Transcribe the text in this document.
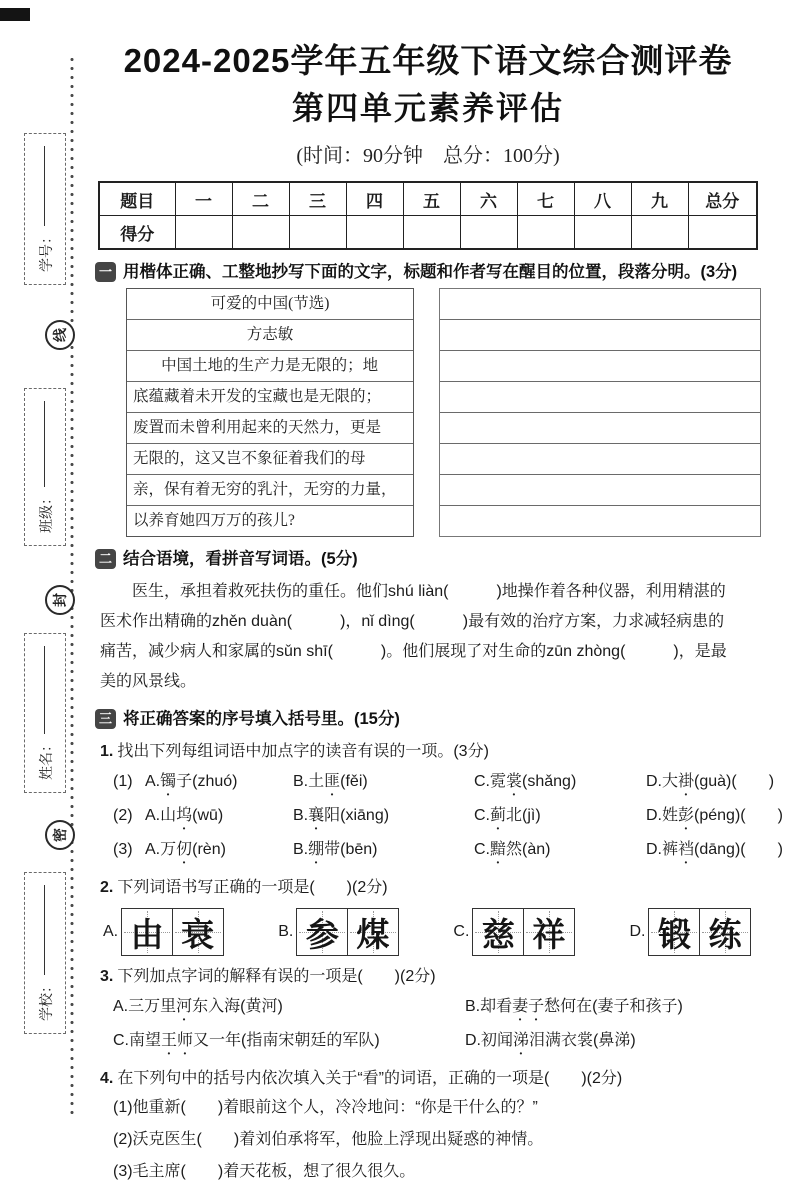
学号：
线
班级：
封
姓名：
密
学校：
2024-2025学年五年级下语文综合测评卷
第四单元素养评估
(时间：90分钟　总分：100分)
题目	一	二	三	四	五	六	七	八	九	总分
得分										
一 用楷体正确、工整地抄写下面的文字，标题和作者写在醒目的位置，段落分明。(3分)
可爱的中国(节选)
方志敏
中国土地的生产力是无限的；地
底蕴藏着未开发的宝藏也是无限的；
废置而未曾利用起来的天然力，更是
无限的，这又岂不象征着我们的母
亲，保有着无穷的乳汁，无穷的力量，
以养育她四万万的孩儿?
二 结合语境，看拼音写词语。(5分)
医生，承担着救死扶伤的重任。他们shú liàn(　　　)地操作着各种仪器，利用精湛的
医术作出精确的zhěn duàn(　　　)，nǐ dìng(　　　)最有效的治疗方案，力求减轻病患的
痛苦，减少病人和家属的sǔn shī(　　　)。他们展现了对生命的zūn zhòng(　　　)，是最
美的风景线。
三 将正确答案的序号填入括号里。(15分)
1. 找出下列每组词语中加点字的读音有误的一项。(3分)
(1) A.镯子(zhuó)	B.土匪(fěi)	C.霓裳(shǎng)	D.大褂(guà) (　　)
(2) A.山坞(wū)	B.襄阳(xiāng)	C.蓟北(jì)	D.姓彭(péng) (　　)
(3) A.万仞(rèn)	B.绷带(bēn)	C.黯然(àn)	D.裤裆(dāng) (　　)
2. 下列词语书写正确的一项是(　　)(2分)
A. 由 衰	B. 参 煤	C. 慈 祥	D. 锻 练
3. 下列加点字词的解释有误的一项是(　　)(2分)
A.三万里河东入海(黄河)	B.却看妻子愁何在(妻子和孩子)
C.南望王师又一年(指南宋朝廷的军队)	D.初闻涕泪满衣裳(鼻涕)
4. 在下列句中的括号内依次填入关于“看”的词语，正确的一项是(　　)(2分)
(1)他重新(　　)着眼前这个人，冷冷地问：“你是干什么的？”
(2)沃克医生(　　)着刘伯承将军，他脸上浮现出疑惑的神情。
(3)毛主席(　　)着天花板，想了很久很久。
